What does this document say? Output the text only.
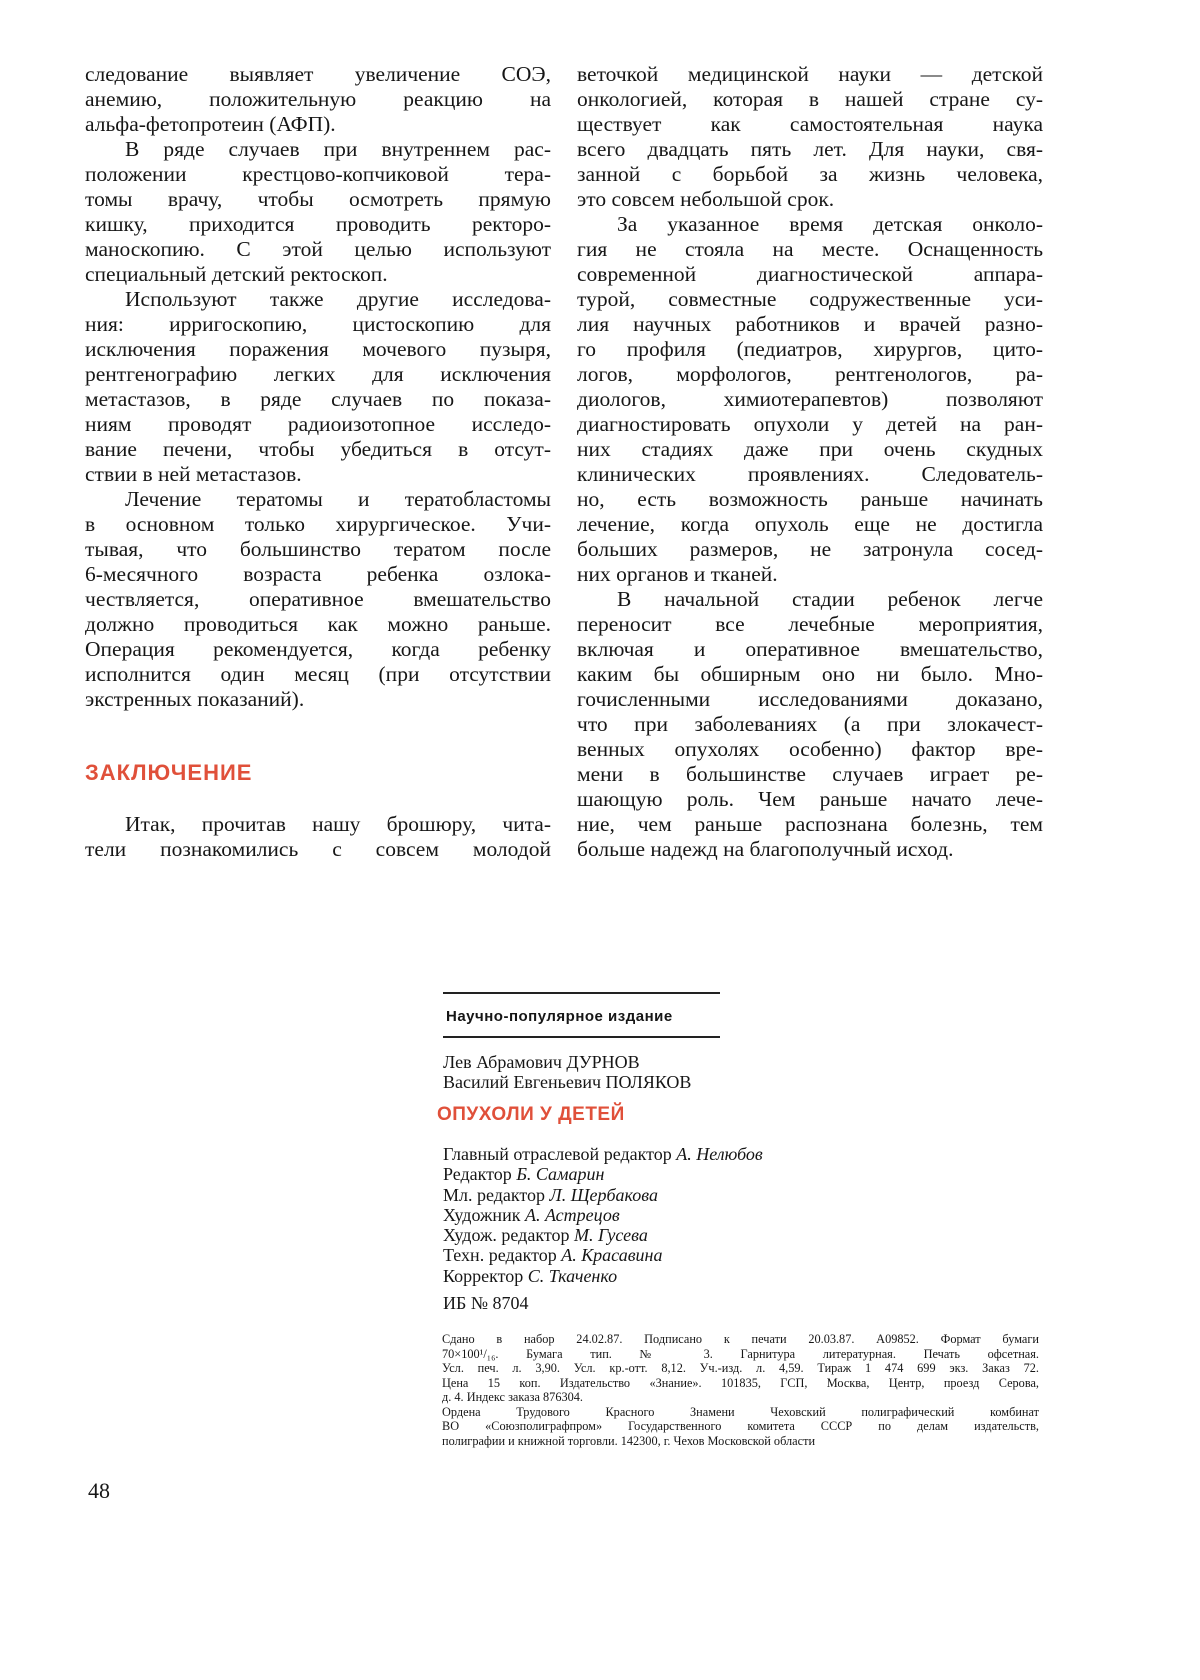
следование выявляет увеличение СОЭ,
анемию, положительную реакцию на
альфа-фетопротеин (АФП).
В ряде случаев при внутреннем рас-
положении крестцово-копчиковой тера-
томы врачу, чтобы осмотреть прямую
кишку, приходится проводить ректоро-
маноскопию. С этой целью используют
специальный детский ректоскоп.
Используют также другие исследова-
ния: ирригоскопию, цистоскопию для
исключения поражения мочевого пузыря,
рентгенографию легких для исключения
метастазов, в ряде случаев по показа-
ниям проводят радиоизотопное исследо-
вание печени, чтобы убедиться в отсут-
ствии в ней метастазов.
Лечение тератомы и тератобластомы
в основном только хирургическое. Учи-
тывая, что большинство тератом после
6-месячного возраста ребенка озлока-
чествляется, оперативное вмешательство
должно проводиться как можно раньше.
Операция рекомендуется, когда ребенку
исполнится один месяц (при отсутствии
экстренных показаний).
ЗАКЛЮЧЕНИЕ
Итак, прочитав нашу брошюру, чита-
тели познакомились с совсем молодой
веточкой медицинской науки — детской
онкологией, которая в нашей стране су-
ществует как самостоятельная наука
всего двадцать пять лет. Для науки, свя-
занной с борьбой за жизнь человека,
это совсем небольшой срок.
За указанное время детская онколо-
гия не стояла на месте. Оснащенность
современной диагностической аппара-
турой, совместные содружественные уси-
лия научных работников и врачей разно-
го профиля (педиатров, хирургов, цито-
логов, морфологов, рентгенологов, ра-
диологов, химиотерапевтов) позволяют
диагностировать опухоли у детей на ран-
них стадиях даже при очень скудных
клинических проявлениях. Следователь-
но, есть возможность раньше начинать
лечение, когда опухоль еще не достигла
больших размеров, не затронула сосед-
них органов и тканей.
В начальной стадии ребенок легче
переносит все лечебные мероприятия,
включая и оперативное вмешательство,
каким бы обширным оно ни было. Мно-
гочисленными исследованиями доказано,
что при заболеваниях (а при злокачест-
венных опухолях особенно) фактор вре-
мени в большинстве случаев играет ре-
шающую роль. Чем раньше начато лече-
ние, чем раньше распознана болезнь, тем
больше надежд на благополучный исход.
Научно-популярное издание
Лев Абрамович ДУРНОВ
Василий Евгеньевич ПОЛЯКОВ
ОПУХОЛИ У ДЕТЕЙ
Главный отраслевой редактор А. Нелюбов
Редактор Б. Самарин
Мл. редактор Л. Щербакова
Художник А. Астрецов
Худож. редактор М. Гусева
Техн. редактор А. Красавина
Корректор С. Ткаченко
ИБ № 8704
Сдано в набор 24.02.87. Подписано к печати 20.03.87. А09852. Формат бумаги
70×100¹/₁₆. Бумага тип. № 3. Гарнитура литературная. Печать офсетная.
Усл. печ. л. 3,90. Усл. кр.-отт. 8,12. Уч.-изд. л. 4,59. Тираж 1 474 699 экз. Заказ 72.
Цена 15 коп. Издательство «Знание». 101835, ГСП, Москва, Центр, проезд Серова,
д. 4. Индекс заказа 876304.
Ордена Трудового Красного Знамени Чеховский полиграфический комбинат
ВО «Союзполиграфпром» Государственного комитета СССР по делам издательств,
полиграфии и книжной торговли. 142300, г. Чехов Московской области
48
